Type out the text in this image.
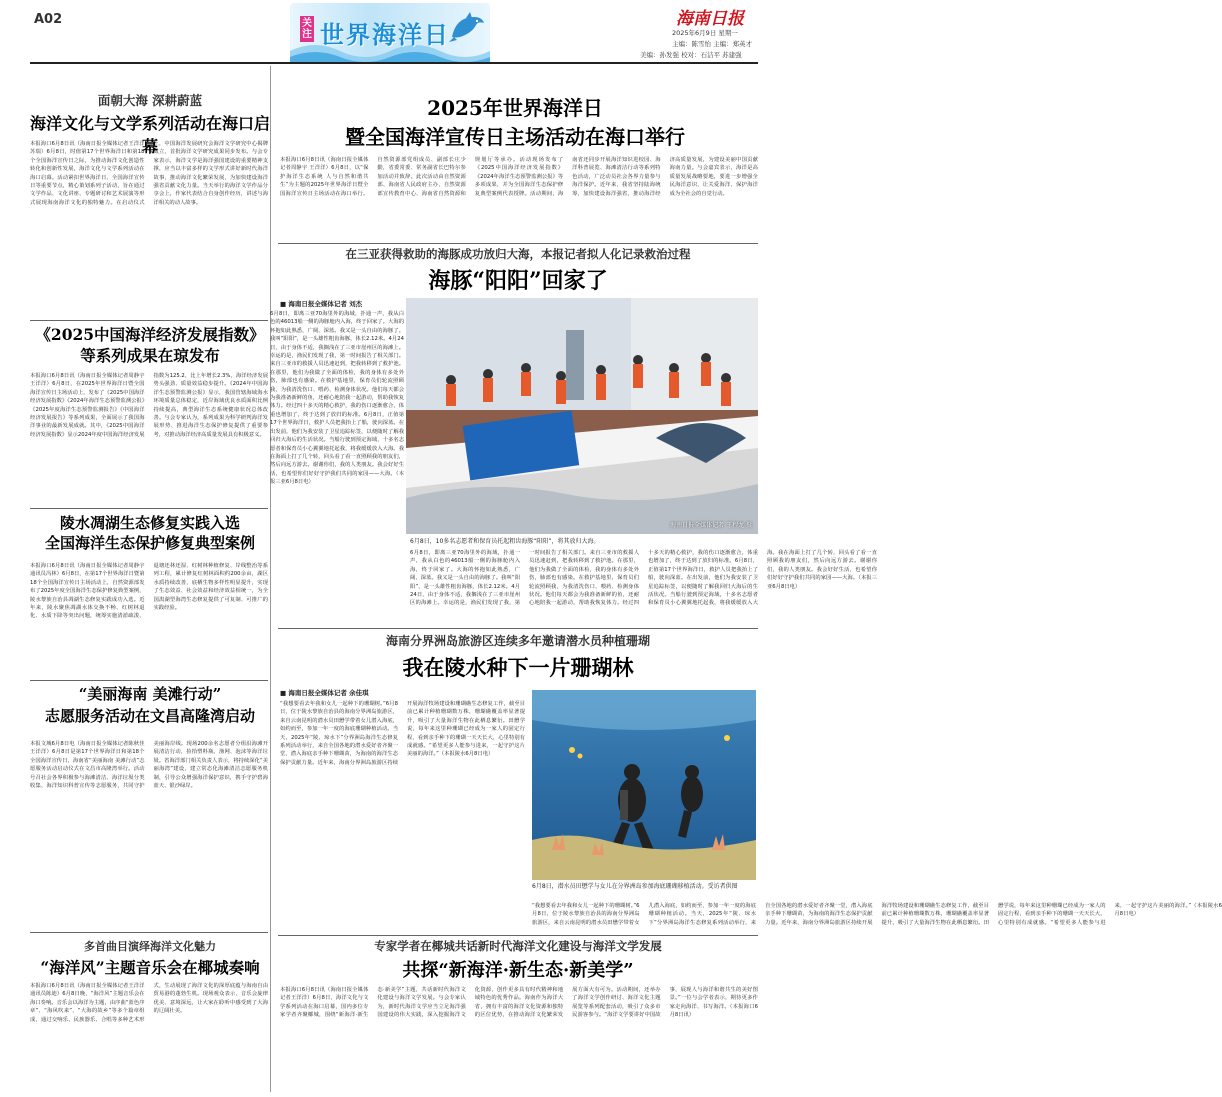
A02	关注 世界海洋日
海南日报
2025年6月9日 星期一
主编：陈雪怡 主编：郑英才
美编：孙发强 校对：石洁平 苏建强
面朝大海 深耕蔚蓝
海洋文化与文学系列活动在海口启幕
本报海口6月8日讯（海南日报全媒体记者王洋洋 苏瑞）6月8日，时值第17个世界海洋日和第18个全国海洋宣传日之际，为推动海洋文化创造性转化和创新性发展，海洋文化与文学系列活动在海口启幕。活动紧扣世界海洋日、全国海洋宣传日等重要节点，精心策划系列子活动，旨在通过文学作品、文化讲座、专题研讨和艺术展演等形式展现海南海洋文化的独特魅力。在启动仪式上，中国海洋发展研究会海洋文学研究中心揭牌成立，首批海洋文学研究成果同步发布。与会专家表示，海洋文学是海洋强国建设的重要精神支撑，应当以丰富多样的文学形式讲好新时代海洋故事，推动海洋文化繁荣发展，为加快建设海洋强省贡献文化力量。当天举行的海洋文学作品分享会上，作家代表结合自身创作经历，讲述与海洋相关的动人故事。
《2025中国海洋经济发展指数》
等系列成果在琼发布
本报海口6月8日讯（海南日报全媒体记者周静宇 王洋洋）6月8日，在2025年世界海洋日暨全国海洋宣传日主场活动上，发布了《2025中国海洋经济发展指数》《2024年海洋生态预警监测公报》《2025年度海洋生态预警监测报告》《中国海洋经济发展报告》等系列成果，全面展示了我国海洋事业的最新发展成就。其中，《2025中国海洋经济发展指数》显示2024年度中国海洋经济发展指数为125.2，比上年增长2.3%，海洋经济发展势头强劲、质量效益稳步提升。《2024年中国海洋生态预警监测公报》显示，我国管辖海域海水环境质量总体稳定，近岸海域优良水质面积比例持续提高，典型海洋生态系统健康状况总体改善。与会专家认为，系列成果为科学研判海洋发展形势、推进海洋生态保护修复提供了重要参考，对推动海洋经济高质量发展具有积极意义。
陵水凋湖生态修复实践入选
全国海洋生态保护修复典型案例
本报海口6月8日讯（海南日报全媒体记者周静宇 通讯员冯林）6月8日，在第17个世界海洋日暨第18个全国海洋宣传日主场活动上，自然资源部发布了2025年度全国海洋生态保护修复典型案例，陵水黎族自治县凋湖生态修复实践成功入选。近年来，陵水聚焦凋湖水体交换不畅、红树林退化、水质下降等突出问题，统筹实施清淤疏浚、退塘还林还湿、红树林种植修复、岸线整治等系列工程，累计修复红树林面积约200余亩，湖区水质持续改善，底栖生物多样性明显提升，实现了生态效益、社会效益和经济效益相统一，为全国潟湖型海湾生态修复提供了可复制、可推广的实践经验。
“美丽海南 美滩行动”
志愿服务活动在文昌高隆湾启动
本报文城6月8日电（海南日报全媒体记者陈秋佳 王洋洋）6月8日是第17个世界海洋日和第18个全国海洋宣传日，海南省“美丽海南 美滩行动”志愿服务活动启动仪式在文昌市高隆湾举行。活动号召社会各界积极参与海滩清洁、海洋垃圾分类收集、海洋知识科普宣传等志愿服务，共同守护美丽海岸线。现场200余名志愿者分组沿海滩开展清洁行动，捡拾塑料瓶、渔网、泡沫等海洋垃圾。省海洋部门相关负责人表示，将持续深化“美丽海湾”建设，建立常态化海滩清洁志愿服务机制，引导公众增强海洋保护意识，携手守护碧海蓝天、银沙绿岸。
多首曲目演绎海洋文化魅力
“海洋风”主题音乐会在椰城奏响
本报海口6月8日讯（海南日报全媒体记者王洋洋 通讯员陈迪）6月8日晚，“海洋风”主题音乐会在海口奏响。音乐会以海洋为主题，由序曲“蓝色序章”、“海风吹来”、“大海的故乡”等多个篇章组成，通过交响乐、民族器乐、合唱等多种艺术形式，生动展现了海洋文化的深厚底蕴与海南自由贸易港的蓬勃生机。现场观众表示，音乐会旋律优美、意境深远，让大家在聆听中感受到了大海的辽阔壮美。
2025年世界海洋日
暨全国海洋宣传日主场活动在海口举行
本报海口6月8日讯（海南日报全媒体记者周静宇 王洋洋）6月8日，以“保护海洋生态系统 人与自然和谐共生”为主题的2025年世界海洋日暨全国海洋宣传日主场活动在海口举行。自然资源部党组成员、副部长庄少勤，省委常委、常务副省长巴特尔参加活动并致辞。此次活动由自然资源部、海南省人民政府主办，自然资源部宣传教育中心、海南省自然资源和规划厅等承办。活动现场发布了《2025中国海洋经济发展指数》《2024年海洋生态预警监测公报》等多项成果，并为全国海洋生态保护修复典型案例代表授牌。活动期间，海南省还同步开展海洋知识进校园、海洋科普展览、海滩清洁行动等系列特色活动，广泛动员社会各界力量参与海洋保护。近年来，我省坚持陆海统筹，加快建设海洋强省，推动海洋经济高质量发展，为建设美丽中国贡献海南力量。与会嘉宾表示，海洋是高质量发展战略要地，要进一步增强全民海洋意识，让关爱海洋、保护海洋成为全社会的自觉行动。
在三亚获得救助的海豚成功放归大海，本报记者拟人化记录救治过程
海豚“阳阳”回家了
■ 海南日报全媒体记者 刘杰
6月8日，即离三亚70海里外的海域，扑通一声，我从白色的46013船一侧的海豚舱内入海，终于回家了。大海的怀抱如此熟悉，广阔、深蓝。我又是一头自由的海豚了。我叫“阳阳”，是一头雄性粗齿海豚，体长2.12米。4月24日，由于身体不适，我搁浅在了三亚市崖州区的海滩上。幸运的是，渔民们发现了我，第一时间报告了相关部门。来自三亚市的救援人员迅速赶到，把我转移到了救护池。在那里，他们为我做了全面的体检，我的身体有多处外伤，肺部也有感染。在救护基地里，保育员们轮流照顾我，为我清洗伤口、喂药、检测身体状况。他们每天都会为我准备新鲜的鱼，还耐心地陪我一起游动，帮助我恢复体力。经过四十多天的精心救护，我的伤口逐渐愈合，体重也增加了，终于达到了放归的标准。6月8日，正值第17个世界海洋日，救护人员把我抬上了船，驶向深蓝。在出发前，他们为我安装了卫星追踪标签，以便随时了解我回归大海后的生活状况。当船行驶到预定海域，十多名志愿者和保育员小心翼翼地托起我，将我缓缓放入大海。我在海面上打了几个转，回头看了看一直照顾我的朋友们，然后向远方游去。谢谢你们，我的人类朋友。我会好好生活，也希望你们好好守护我们共同的家园——大海。（本报三亚6月8日电）
海南日报全媒体记者 王程龙 摄
6月8日，10多名志愿者和保育员托起粗齿海豚“阳阳”，将其放归大海。
6月8日，即离三亚70海里外的海域，扑通一声，我从白色的46013船一侧的海豚舱内入海，终于回家了。大海的怀抱如此熟悉，广阔、深蓝。我又是一头自由的海豚了。我叫“阳阳”，是一头雄性粗齿海豚，体长2.12米。4月24日，由于身体不适，我搁浅在了三亚市崖州区的海滩上。幸运的是，渔民们发现了我，第一时间报告了相关部门。来自三亚市的救援人员迅速赶到，把我转移到了救护池。在那里，他们为我做了全面的体检，我的身体有多处外伤，肺部也有感染。在救护基地里，保育员们轮流照顾我，为我清洗伤口、喂药、检测身体状况。他们每天都会为我准备新鲜的鱼，还耐心地陪我一起游动，帮助我恢复体力。经过四十多天的精心救护，我的伤口逐渐愈合，体重也增加了，终于达到了放归的标准。6月8日，正值第17个世界海洋日，救护人员把我抬上了船，驶向深蓝。在出发前，他们为我安装了卫星追踪标签，以便随时了解我回归大海后的生活状况。当船行驶到预定海域，十多名志愿者和保育员小心翼翼地托起我，将我缓缓放入大海。我在海面上打了几个转，回头看了看一直照顾我的朋友们，然后向远方游去。谢谢你们，我的人类朋友。我会好好生活，也希望你们好好守护我们共同的家园——大海。（本报三亚6月8日电）
海南分界洲岛旅游区连续多年邀请潜水员种植珊瑚
我在陵水种下一片珊瑚林
■ 海南日报全媒体记者 余佳琪
“我想要看去年我和女儿一起种下的珊瑚树。”6月8日，位于陵水黎族自治县的海南分界洲岛旅游区，来自云南昆明的潜水员田懋学带着女儿潜入海底，如约而至，参加一年一度的海底珊瑚种植活动。当天，2025年“陵、琼水下”分界洲岛海洋生态修复系列活动举行，来自全国各地的潜水爱好者齐聚一堂，潜入海底亲手种下珊瑚苗，为海南的海洋生态保护贡献力量。近年来，海南分界洲岛旅游区持续开展海洋牧场建设和珊瑚礁生态修复工作，截至目前已累计种植珊瑚数万株，珊瑚礁覆盖率显著提升，吸引了大量海洋生物在此栖息繁衍。田懋学说，每年来这里种珊瑚已经成为一家人的固定行程，看到亲手种下的珊瑚一天天长大，心里特别有成就感。“希望更多人能参与进来，一起守护这片美丽的海洋。”（本报陵水6月8日电）
6月8日，潜水员田懋学与女儿在分界洲岛参加海底珊瑚移植活动。受访者供图
“我想要看去年我和女儿一起种下的珊瑚树。”6月8日，位于陵水黎族自治县的海南分界洲岛旅游区，来自云南昆明的潜水员田懋学带着女儿潜入海底，如约而至，参加一年一度的海底珊瑚种植活动。当天，2025年“陵、琼水下”分界洲岛海洋生态修复系列活动举行，来自全国各地的潜水爱好者齐聚一堂，潜入海底亲手种下珊瑚苗，为海南的海洋生态保护贡献力量。近年来，海南分界洲岛旅游区持续开展海洋牧场建设和珊瑚礁生态修复工作，截至目前已累计种植珊瑚数万株，珊瑚礁覆盖率显著提升，吸引了大量海洋生物在此栖息繁衍。田懋学说，每年来这里种珊瑚已经成为一家人的固定行程，看到亲手种下的珊瑚一天天长大，心里特别有成就感。“希望更多人能参与进来，一起守护这片美丽的海洋。”（本报陵水6月8日电）
专家学者在椰城共话新时代海洋文化建设与海洋文学发展
共探“新海洋·新生态·新美学”
本报海口6月8日讯（海南日报全媒体记者王洋洋）6月8日，海洋文化与文学系列活动在海口启幕，国内多位专家学者齐聚椰城，围绕“新海洋·新生态·新美学”主题，共话新时代海洋文化建设与海洋文学发展。与会专家认为，新时代海洋文学应当立足海洋强国建设的伟大实践，深入挖掘海洋文化资源，创作更多具有时代精神和地域特色的优秀作品。海南作为海洋大省，拥有丰富的海洋文化资源和独特的区位优势，在推动海洋文化繁荣发展方面大有可为。活动期间，还举办了海洋文学创作研讨、海洋文化主题展览等系列配套活动，吸引了众多市民游客参与。“海洋文学要讲好中国故事，展现人与海洋和谐共生的美好图景。”一位与会学者表示，期待更多作家走向海洋、书写海洋。（本报海口6月8日讯）
